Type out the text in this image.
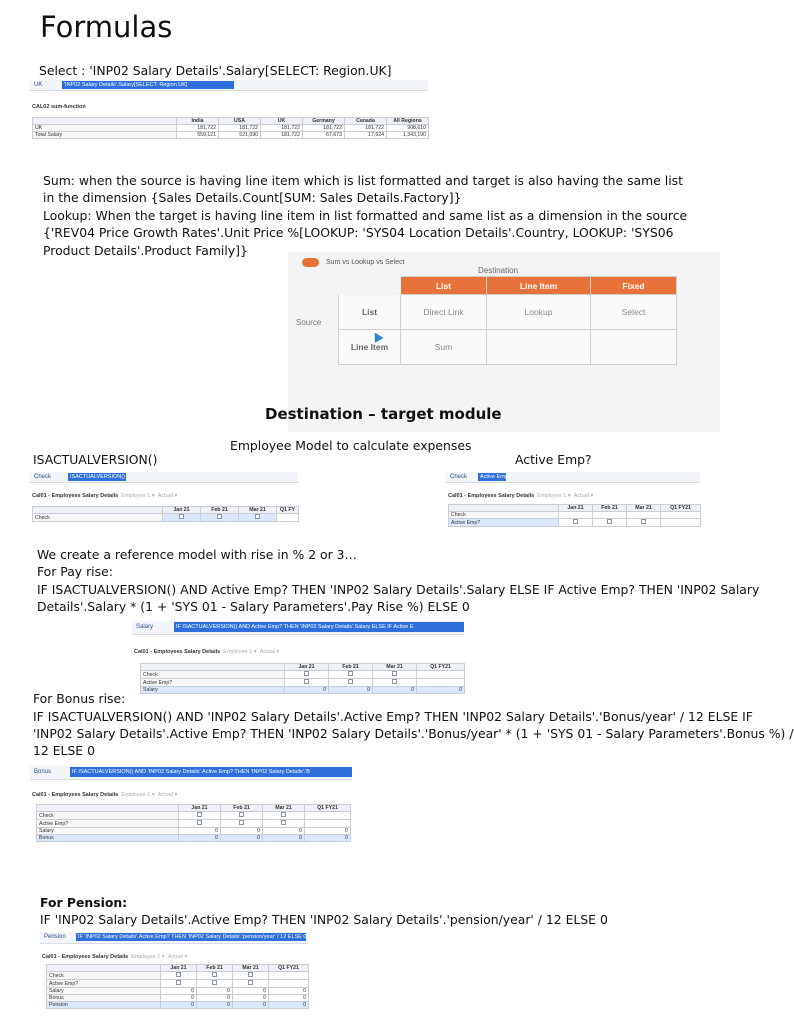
Formulas
Select : 'INP02 Salary Details'.Salary[SELECT: Region.UK]
UK	'INP02 Salary Details'.Salary[SELECT: Region.UK]
CAL02 sum-function
	India	USA	UK	Germany	Canada	All Regions
UK	181,722	181,722	181,722	181,722	181,722	908,610
Total Salary	559,121	521,090	181,722	67,673	17,624	1,343,190
Sum: when the source is having line item which is list formatted and target is also having the same list
in the dimension {Sales Details.Count[SUM: Sales Details.Factory]}
Lookup: When the target is having line item in list formatted and same list as a dimension in the source
{'REV04 Price Growth Rates'.Unit Price %[LOOKUP: 'SYS04 Location Details'.Country, LOOKUP: 'SYS06
Product Details'.Product Family]}
Sum vs Lookup vs Select
Destination
Source
	List	Line Item	Fixed
List	Direct Link	Lookup	Select
Line Item	Sum		
Destination – target module
Employee Model to calculate expenses
ISACTUALVERSION()	Active Emp?
Check	ISACTUALVERSION()
Cal01 - Employees Salary Details Employee 1 ▾ Actual ▾
	Jan 21	Feb 21	Mar 21	Q1 FY
Check				
Check	Active Emp?
Cal01 - Employees Salary Details Employee 1 ▾ Actual ▾
	Jan 21	Feb 21	Mar 21	Q1 FY21
Check				
Active Emp?				
We create a reference model with rise in % 2 or 3…
For Pay rise:
IF ISACTUALVERSION() AND Active Emp? THEN 'INP02 Salary Details'.Salary ELSE IF Active Emp? THEN 'INP02 Salary
Details'.Salary * (1 + 'SYS 01 - Salary Parameters'.Pay Rise %) ELSE 0
Salary	IF ISACTUALVERSION() AND Active Emp? THEN 'INP02 Salary Details'.Salary ELSE IF Active E
Cal01 - Employees Salary Details Employee 1 ▾ Actual ▾
	Jan 21	Feb 21	Mar 21	Q1 FY21
Check				
Active Emp?				
Salary	0	0	0	0
For Bonus rise:
IF ISACTUALVERSION() AND 'INP02 Salary Details'.Active Emp? THEN 'INP02 Salary Details'.'Bonus/year' / 12 ELSE IF
'INP02 Salary Details'.Active Emp? THEN 'INP02 Salary Details'.'Bonus/year' * (1 + 'SYS 01 - Salary Parameters'.Bonus %) /
12 ELSE 0
Bonus	IF ISACTUALVERSION() AND 'INP02 Salary Details'.Active Emp? THEN 'INP02 Salary Details'.'B
Cal01 - Employees Salary Details Employee 1 ▾ Actual ▾
	Jan 21	Feb 21	Mar 21	Q1 FY21
Check				
Active Emp?				
Salary	0	0	0	0
Bonus	0	0	0	0
For Pension:
IF 'INP02 Salary Details'.Active Emp? THEN 'INP02 Salary Details'.'pension/year' / 12 ELSE 0
Pension	IF 'INP02 Salary Details'.Active Emp? THEN 'INP02 Salary Details'.'pension/year' / 12 ELSE 0
Cal01 - Employees Salary Details Employee 1 ▾ Actual ▾
	Jan 21	Feb 21	Mar 21	Q1 FY21
Check				
Active Emp?				
Salary	0	0	0	0
Bonus	0	0	0	0
Pension	0	0	0	0
